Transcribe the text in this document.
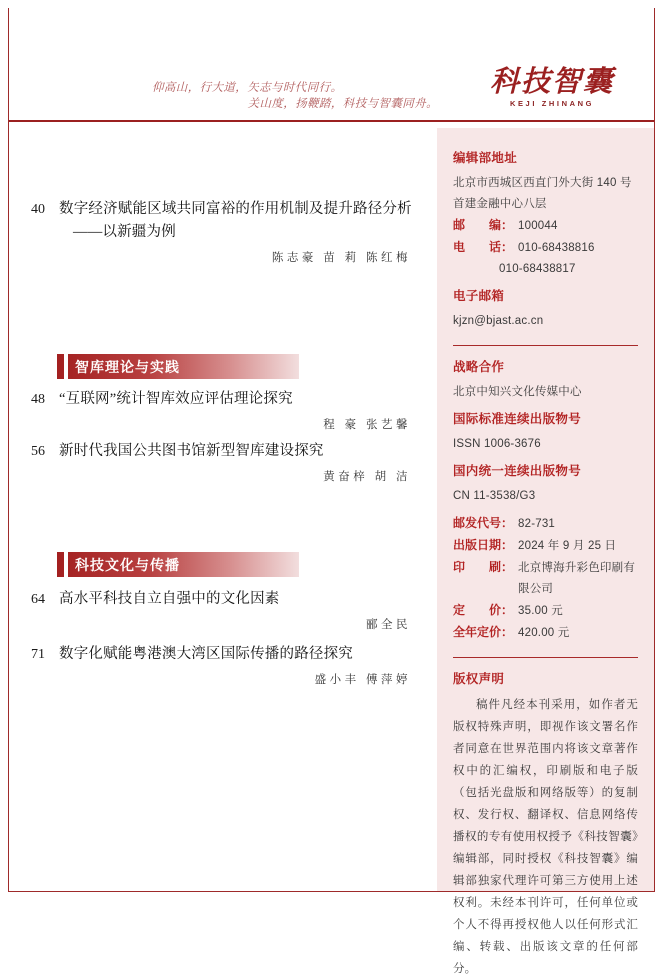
仰高山，行大道，矢志与时代同行。
关山度，扬鞭踏，科技与智囊同舟。
科技智囊
KEJI ZHINANG
40 数字经济赋能区域共同富裕的作用机制及提升路径分析
——以新疆为例
陈志豪 苗 莉 陈红梅
智库理论与实践
48 “互联网”统计智库效应评估理论探究
程 豪 张艺馨
56 新时代我国公共图书馆新型智库建设探究
黄奋梓 胡 洁
科技文化与传播
64 高水平科技自立自强中的文化因素
郦全民
71 数字化赋能粤港澳大湾区国际传播的路径探究
盛小丰 傅萍婷
编辑部地址
北京市西城区西直门外大街 140 号
首建金融中心八层
邮　　编： 100044
电　　话： 010-68438816
010-68438817
电子邮箱
kjzn@bjast.ac.cn
战略合作
北京中知兴文化传媒中心
国际标准连续出版物号
ISSN 1006-3676
国内统一连续出版物号
CN 11-3538/G3
邮发代号： 82-731
出版日期： 2024 年 9 月 25 日
印　　刷： 北京博海升彩色印刷有限公司
定　　价： 35.00 元
全年定价： 420.00 元
版权声明
稿件凡经本刊采用，如作者无版权特殊声明，即视作该文署名作者同意在世界范围内将该文章著作权中的汇编权，印刷版和电子版（包括光盘版和网络版等）的复制权、发行权、翻译权、信息网络传播权的专有使用权授予《科技智囊》编辑部，同时授权《科技智囊》编辑部独家代理许可第三方使用上述权利。未经本刊许可，任何单位或个人不得再授权他人以任何形式汇编、转载、出版该文章的任何部分。
